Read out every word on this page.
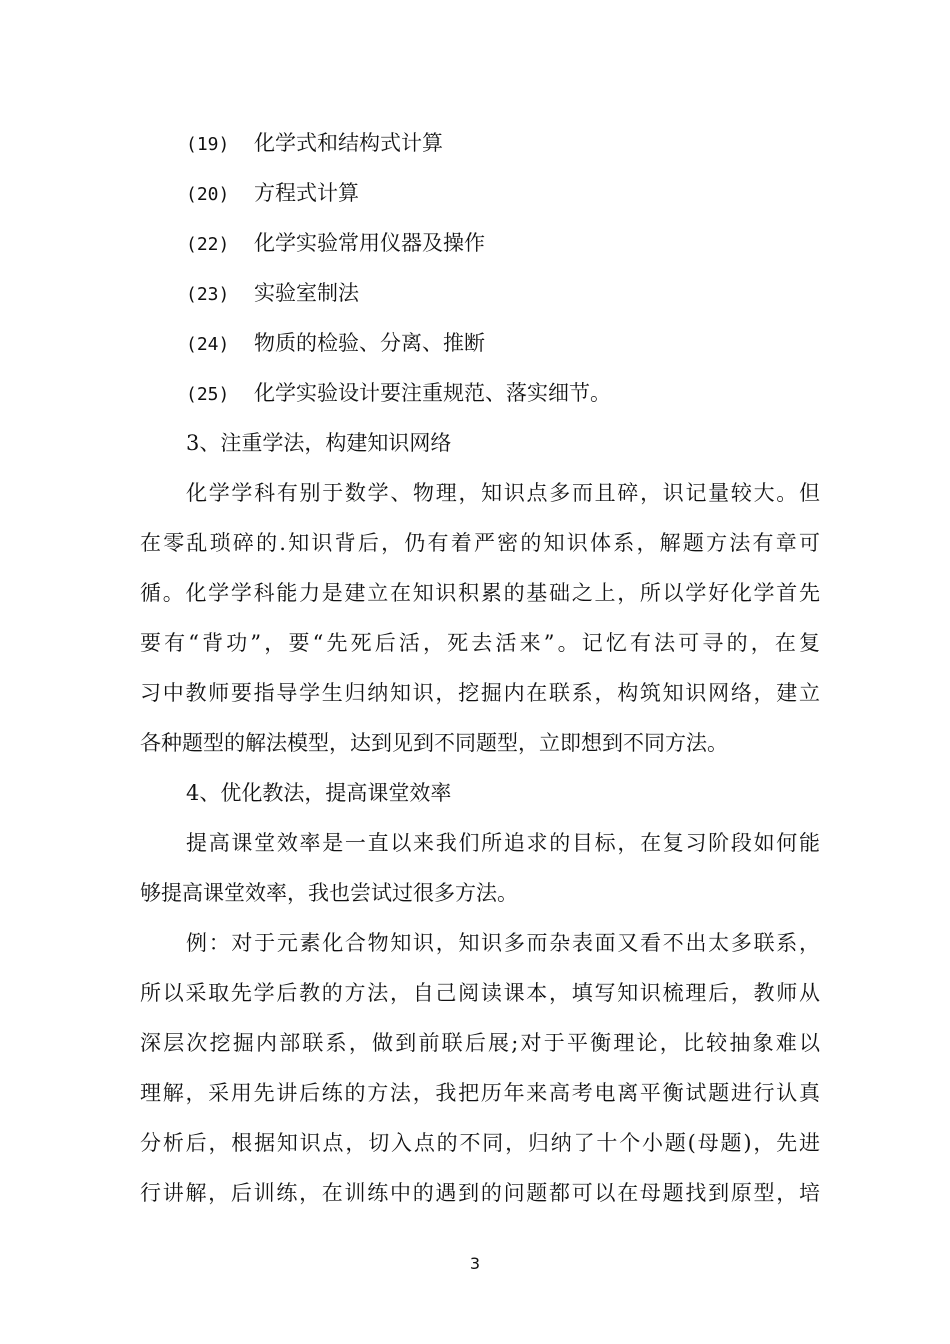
(19) 化学式和结构式计算
(20) 方程式计算
(22) 化学实验常用仪器及操作
(23) 实验室制法
(24) 物质的检验、分离、推断
(25) 化学实验设计要注重规范、落实细节。
3、注重学法，构建知识网络

化学学科有别于数学、物理，知识点多而且碎，识记量较大。但
在零乱琐碎的.知识背后，仍有着严密的知识体系，解题方法有章可
循。化学学科能力是建立在知识积累的基础之上，所以学好化学首先
要有“背功”，要“先死后活，死去活来”。记忆有法可寻的，在复
习中教师要指导学生归纳知识，挖掘内在联系，构筑知识网络，建立
各种题型的解法模型，达到见到不同题型，立即想到不同方法。

4、优化教法，提高课堂效率

提高课堂效率是一直以来我们所追求的目标，在复习阶段如何能
够提高课堂效率，我也尝试过很多方法。

例：对于元素化合物知识，知识多而杂表面又看不出太多联系，
所以采取先学后教的方法，自己阅读课本，填写知识梳理后，教师从
深层次挖掘内部联系，做到前联后展;对于平衡理论，比较抽象难以
理解，采用先讲后练的方法，我把历年来高考电离平衡试题进行认真
分析后，根据知识点，切入点的不同，归纳了十个小题(母题)，先进
行讲解，后训练，在训练中的遇到的问题都可以在母题找到原型，培

3
